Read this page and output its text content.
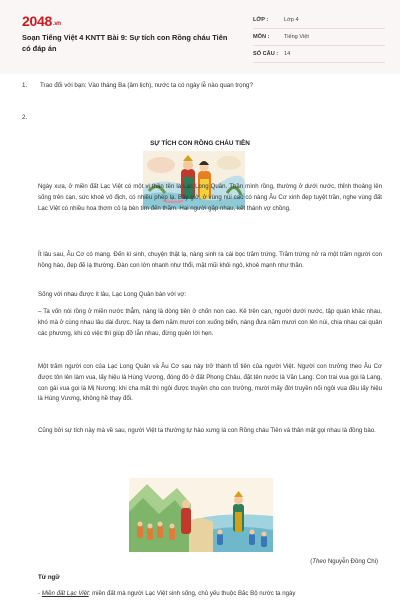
2048.vn
Soạn Tiếng Việt 4 KNTT Bài 9: Sự tích con Rồng cháu Tiên có đáp án
LỚP :	Lớp 4
MÔN :	Tiếng Việt
SỐ CÂU :	14
1. Trao đổi với bạn: Vào tháng Ba (âm lịch), nước ta có ngày lễ nào quan trọng?
2.
SỰ TÍCH CON RỒNG CHÁU TIÊN

Ngày xưa, ở miền đất Lạc Việt có một vị thần tên là Lạc Long Quân. Thần mình rồng, thường ở dưới nước, thỉnh thoảng lên sống trên cạn, sức khoẻ vô địch, có nhiều phép lạ. Bấy giờ, ở vùng núi cao có nàng Âu Cơ xinh đẹp tuyệt trần, nghe vùng đất Lạc Việt có nhiều hoa thơm cỏ lạ bèn tìm đến thăm. Hai người gặp nhau, kết thành vợ chồng.

Ít lâu sau, Âu Cơ có mang. Đến kì sinh, chuyện thật lạ, nàng sinh ra cái bọc trăm trứng. Trăm trứng nở ra một trăm người con hồng hào, đẹp đẽ lạ thường. Đàn con lớn nhanh như thổi, mặt mũi khôi ngô, khoẻ mạnh như thần.

Sống với nhau được ít lâu, Lạc Long Quân bàn với vợ:

– Ta vốn nòi rồng ở miền nước thẳm, nàng là dòng tiên ở chốn non cao. Kẻ trên cạn, người dưới nước, tập quán khác nhau, khó mà ở cùng nhau lâu dài được. Nay ta đem năm mươi con xuống biển, nàng đưa năm mươi con lên núi, chia nhau cai quản các phương, khi có việc thì giúp đỡ lẫn nhau, đừng quên lời hẹn.

Một trăm người con của Lạc Long Quân và Âu Cơ sau này trở thành tổ tiên của người Việt. Người con trưởng theo Âu Cơ được tôn lên làm vua, lấy hiệu là Hùng Vương, đóng đô ở đất Phong Châu, đặt tên nước là Văn Lang. Con trai vua gọi là Lang, con gái vua gọi là Mị Nương; khi cha mất thì ngôi được truyền cho con trưởng, mười mấy đời truyền nối ngôi vua đều lấy hiệu là Hùng Vương, không hề thay đổi.

Cũng bởi sự tích này mà về sau, người Việt ta thường tự hào xưng là con Rồng cháu Tiên và thân mật gọi nhau là đồng bào.

(Theo Nguyễn Đồng Chi)
Từ ngữ
- Miền đất Lạc Việt: miền đất mà người Lạc Việt sinh sống, chủ yếu thuộc Bắc Bộ nước ta ngày
